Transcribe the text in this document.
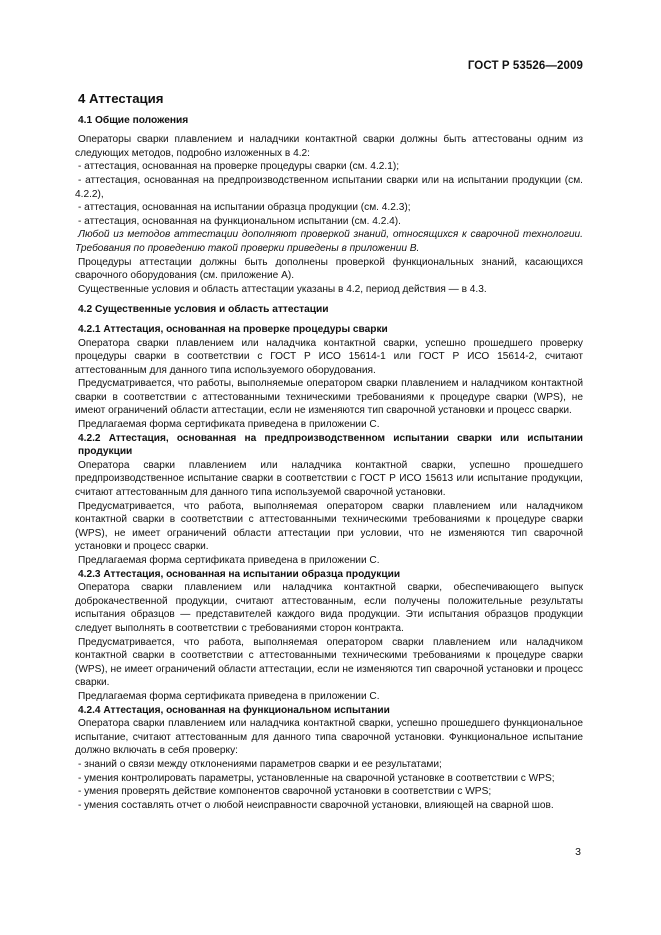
ГОСТ Р 53526—2009
4 Аттестация
4.1 Общие положения

Операторы сварки плавлением и наладчики контактной сварки должны быть аттестованы одним из следующих методов, подробно изложенных в 4.2:

- аттестация, основанная на проверке процедуры сварки (см. 4.2.1);

- аттестация, основанная на предпроизводственном испытании сварки или на испытании продукции (см. 4.2.2),

- аттестация, основанная на испытании образца продукции (см. 4.2.3);

- аттестация, основанная на функциональном испытании (см. 4.2.4).

Любой из методов аттестации дополняют проверкой знаний, относящихся к сварочной технологии. Требования по проведению такой проверки приведены в приложении B.

Процедуры аттестации должны быть дополнены проверкой функциональных знаний, касающихся сварочного оборудования (см. приложение А).

Существенные условия и область аттестации указаны в 4.2, период действия — в 4.3.

4.2 Существенные условия и область аттестации

4.2.1 Аттестация, основанная на проверке процедуры сварки

Оператора сварки плавлением или наладчика контактной сварки, успешно прошедшего проверку процедуры сварки в соответствии с ГОСТ Р ИСО 15614-1 или ГОСТ Р ИСО 15614-2, считают аттестованным для данного типа используемого оборудования.

Предусматривается, что работы, выполняемые оператором сварки плавлением и наладчиком контактной сварки в соответствии с аттестованными техническими требованиями к процедуре сварки (WPS), не имеют ограничений области аттестации, если не изменяются тип сварочной установки и процесс сварки.

Предлагаемая форма сертификата приведена в приложении С.

4.2.2 Аттестация, основанная на предпроизводственном испытании сварки или испытании продукции

Оператора сварки плавлением или наладчика контактной сварки, успешно прошедшего предпроизводственное испытание сварки в соответствии с ГОСТ Р ИСО 15613 или испытание продукции, считают аттестованным для данного типа используемой сварочной установки.

Предусматривается, что работа, выполняемая оператором сварки плавлением или наладчиком контактной сварки в соответствии с аттестованными техническими требованиями к процедуре сварки (WPS), не имеет ограничений области аттестации при условии, что не изменяются тип сварочной установки и процесс сварки.

Предлагаемая форма сертификата приведена в приложении С.

4.2.3 Аттестация, основанная на испытании образца продукции

Оператора сварки плавлением или наладчика контактной сварки, обеспечивающего выпуск доброкачественной продукции, считают аттестованным, если получены положительные результаты испытания образцов — представителей каждого вида продукции. Эти испытания образцов продукции следует выполнять в соответствии с требованиями сторон контракта.

Предусматривается, что работа, выполняемая оператором сварки плавлением или наладчиком контактной сварки в соответствии с аттестованными техническими требованиями к процедуре сварки (WPS), не имеет ограничений области аттестации, если не изменяются тип сварочной установки и процесс сварки.

Предлагаемая форма сертификата приведена в приложении С.

4.2.4 Аттестация, основанная на функциональном испытании

Оператора сварки плавлением или наладчика контактной сварки, успешно прошедшего функциональное испытание, считают аттестованным для данного типа сварочной установки. Функциональное испытание должно включать в себя проверку:

- знаний о связи между отклонениями параметров сварки и ее результатами;

- умения контролировать параметры, установленные на сварочной установке в соответствии с WPS;

- умения проверять действие компонентов сварочной установки в соответствии с WPS;

- умения составлять отчет о любой неисправности сварочной установки, влияющей на сварной шов.

3
